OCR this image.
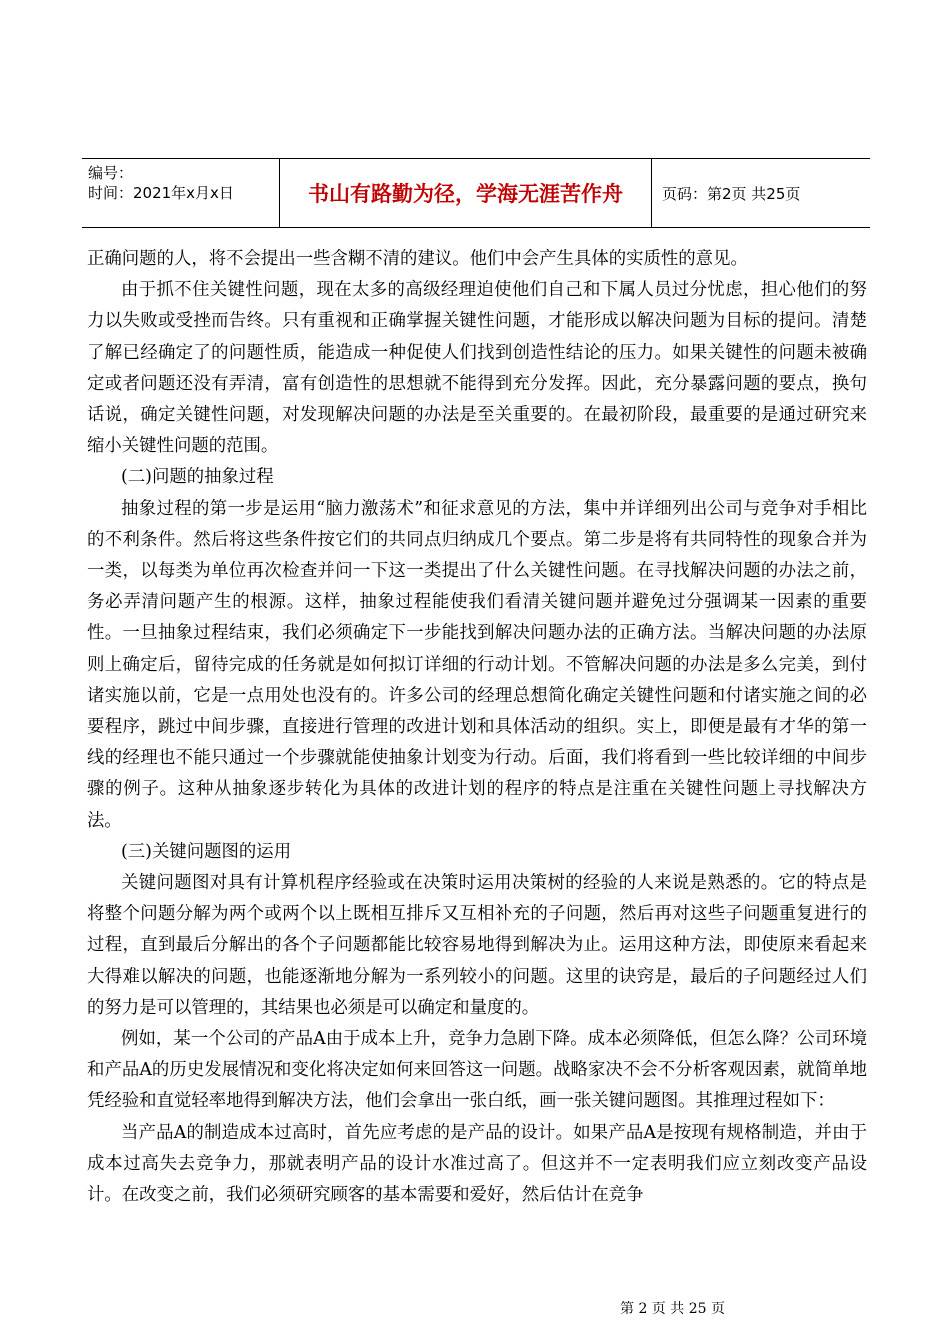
编号：
时间：2021年x月x日	书山有路勤为径，学海无涯苦作舟	页码：第2页 共25页

正确问题的人，将不会提出一些含糊不清的建议。他们中会产生具体的实质性的意见。

由于抓不住关键性问题，现在太多的高级经理迫使他们自己和下属人员过分忧虑，担心他们的努力以失败或受挫而告终。只有重视和正确掌握关键性问题，才能形成以解决问题为目标的提问。清楚了解已经确定了的问题性质，能造成一种促使人们找到创造性结论的压力。如果关键性的问题未被确定或者问题还没有弄清，富有创造性的思想就不能得到充分发挥。因此，充分暴露问题的要点，换句话说，确定关键性问题，对发现解决问题的办法是至关重要的。在最初阶段，最重要的是通过研究来缩小关键性问题的范围。

(二)问题的抽象过程

抽象过程的第一步是运用“脑力激荡术”和征求意见的方法，集中并详细列出公司与竞争对手相比的不利条件。然后将这些条件按它们的共同点归纳成几个要点。第二步是将有共同特性的现象合并为一类，以每类为单位再次检查并问一下这一类提出了什么关键性问题。在寻找解决问题的办法之前，务必弄清问题产生的根源。这样，抽象过程能使我们看清关键问题并避免过分强调某一因素的重要性。一旦抽象过程结束，我们必须确定下一步能找到解决问题办法的正确方法。当解决问题的办法原则上确定后，留待完成的任务就是如何拟订详细的行动计划。不管解决问题的办法是多么完美，到付诸实施以前，它是一点用处也没有的。许多公司的经理总想简化确定关键性问题和付诸实施之间的必要程序，跳过中间步骤，直接进行管理的改进计划和具体活动的组织。实上，即便是最有才华的第一线的经理也不能只通过一个步骤就能使抽象计划变为行动。后面，我们将看到一些比较详细的中间步骤的例子。这种从抽象逐步转化为具体的改进计划的程序的特点是注重在关键性问题上寻找解决方法。

(三)关键问题图的运用

关键问题图对具有计算机程序经验或在决策时运用决策树的经验的人来说是熟悉的。它的特点是将整个问题分解为两个或两个以上既相互排斥又互相补充的子问题，然后再对这些子问题重复进行的过程，直到最后分解出的各个子问题都能比较容易地得到解决为止。运用这种方法，即使原来看起来大得难以解决的问题，也能逐渐地分解为一系列较小的问题。这里的诀窍是，最后的子问题经过人们的努力是可以管理的，其结果也必须是可以确定和量度的。

例如，某一个公司的产品A由于成本上升，竞争力急剧下降。成本必须降低，但怎么降？公司环境和产品A的历史发展情况和变化将决定如何来回答这一问题。战略家决不会不分析客观因素，就简单地凭经验和直觉轻率地得到解决方法，他们会拿出一张白纸，画一张关键问题图。其推理过程如下：

当产品A的制造成本过高时，首先应考虑的是产品的设计。如果产品A是按现有规格制造，并由于成本过高失去竞争力，那就表明产品的设计水准过高了。但这并不一定表明我们应立刻改变产品设计。在改变之前，我们必须研究顾客的基本需要和爱好，然后估计在竞争

第 2 页 共 25 页
